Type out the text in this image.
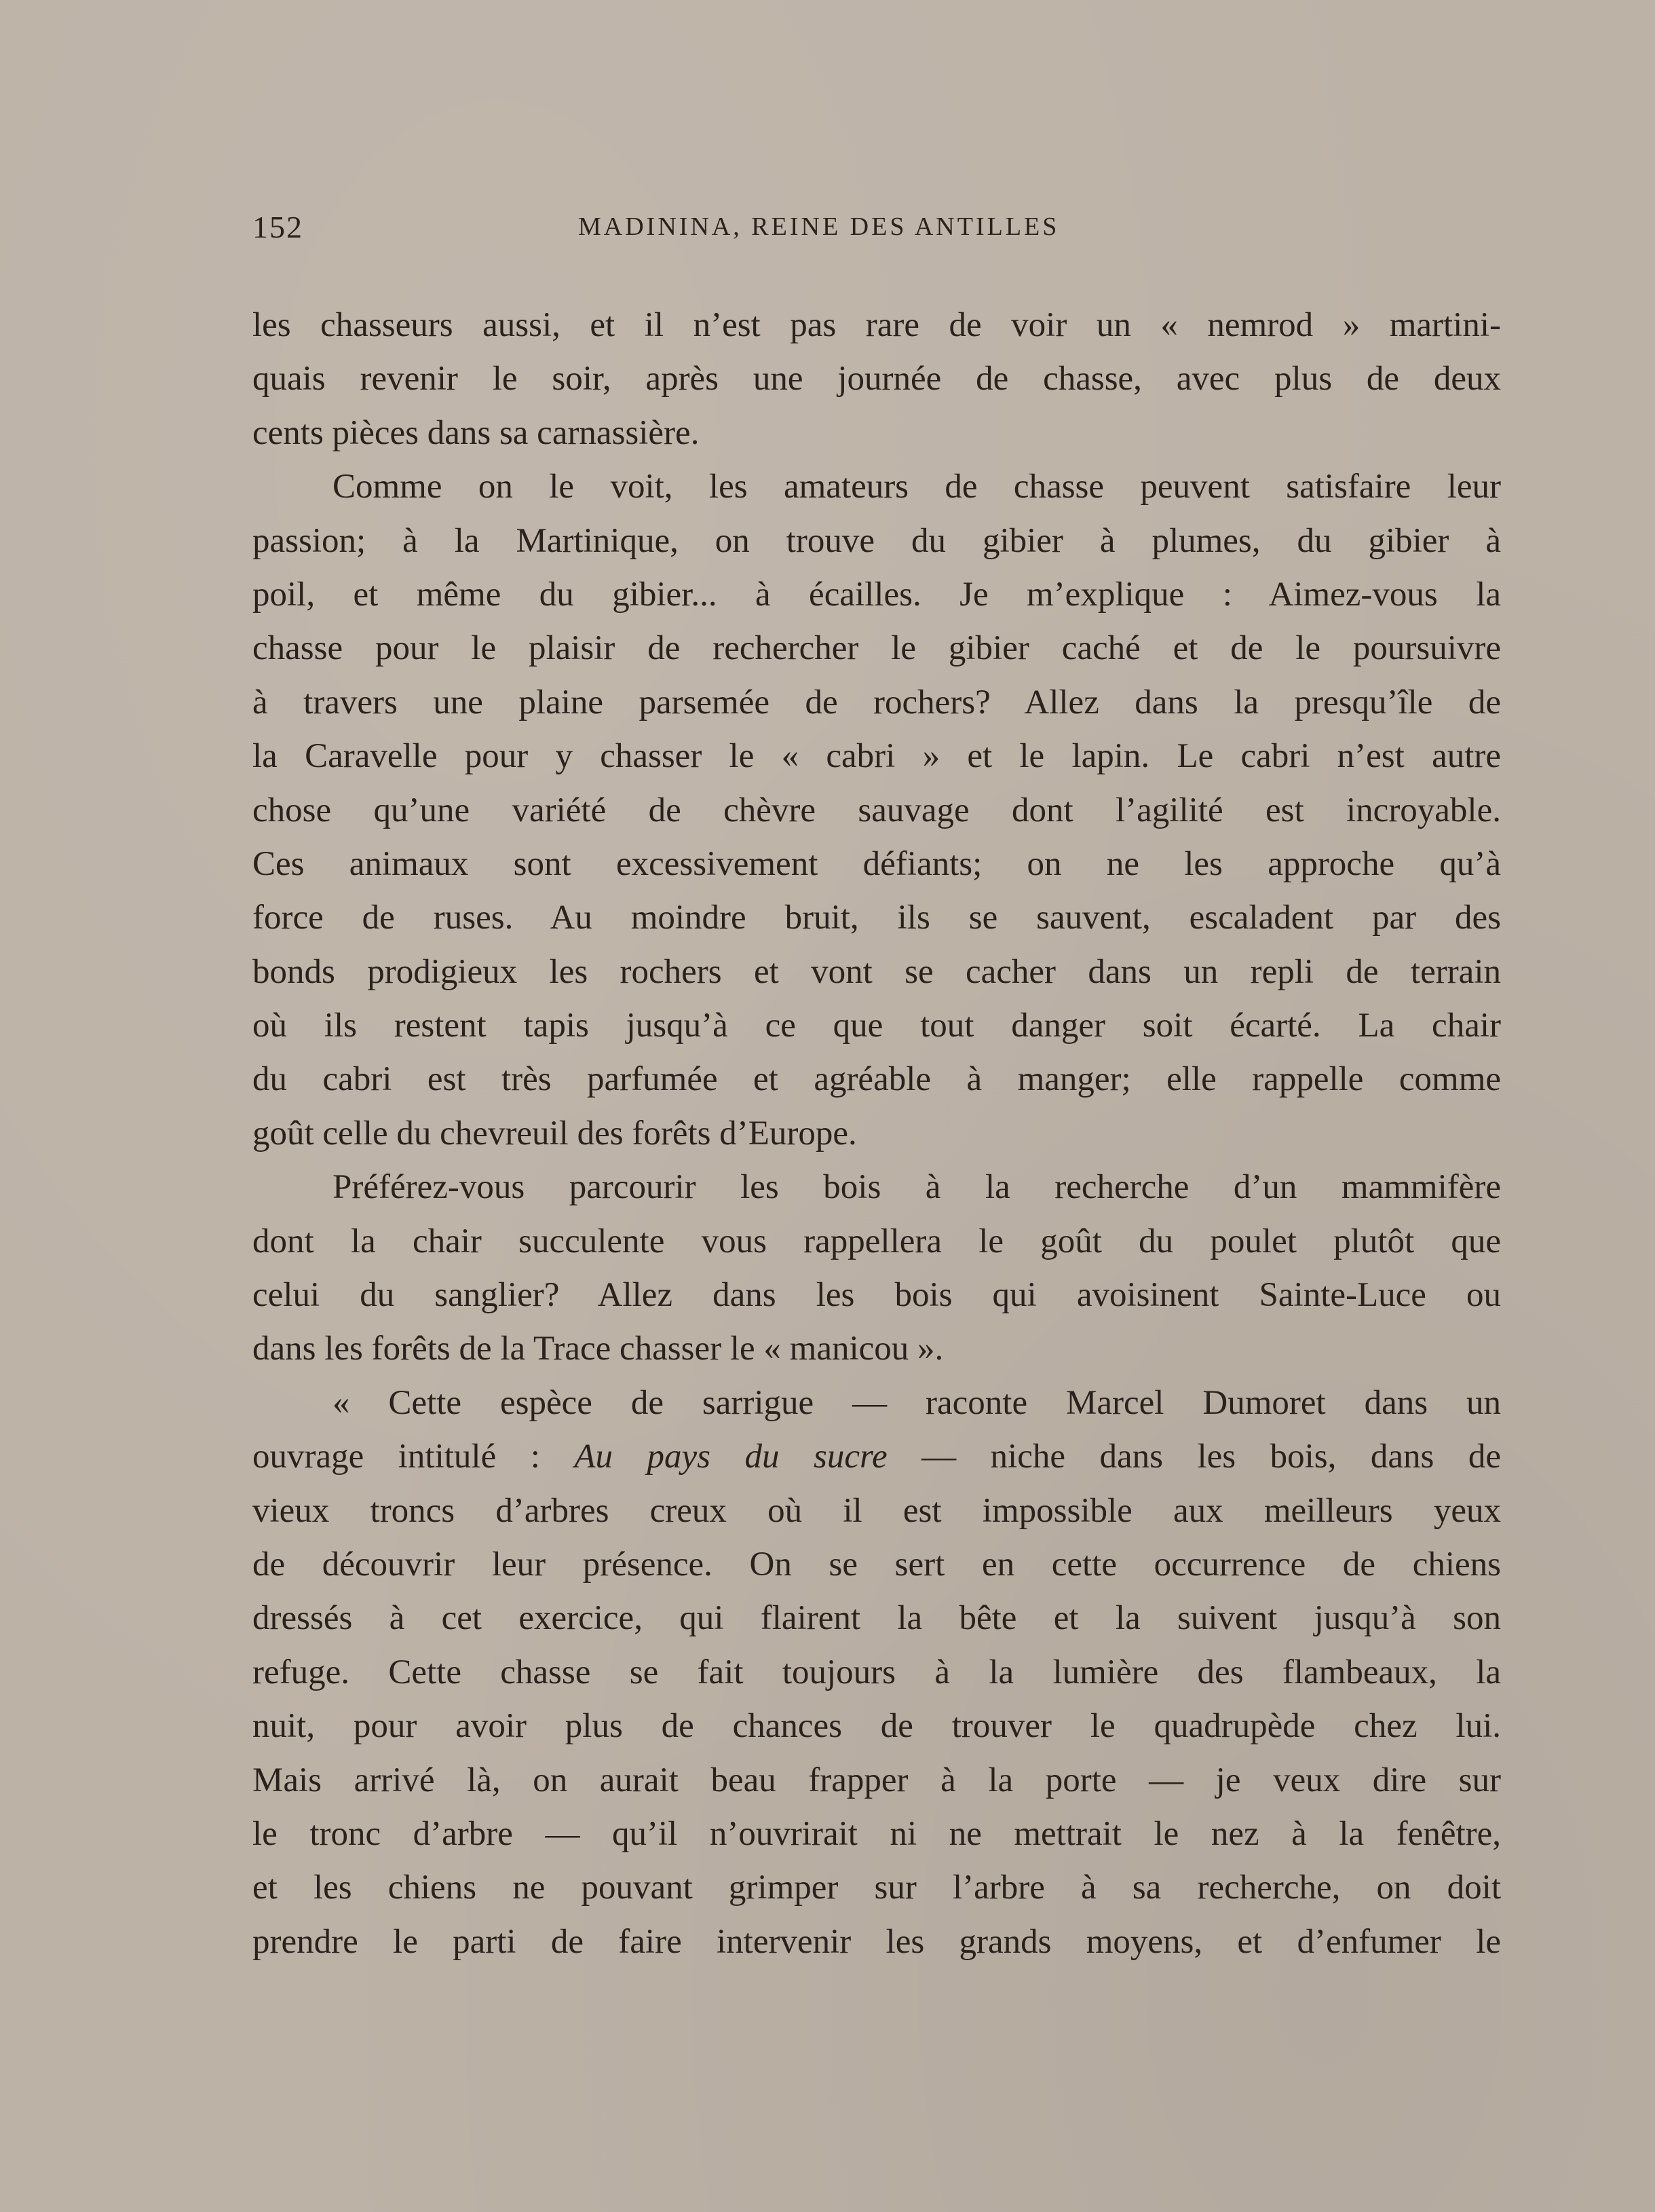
152	MADININA, REINE DES ANTILLES
les chasseurs aussi, et il n’est pas rare de voir un « nemrod » martini-
quais revenir le soir, après une journée de chasse, avec plus de deux
cents pièces dans sa carnassière.
Comme on le voit, les amateurs de chasse peuvent satisfaire leur
passion; à la Martinique, on trouve du gibier à plumes, du gibier à
poil, et même du gibier... à écailles. Je m’explique : Aimez-vous la
chasse pour le plaisir de rechercher le gibier caché et de le poursuivre
à travers une plaine parsemée de rochers? Allez dans la presqu’île de
la Caravelle pour y chasser le « cabri » et le lapin. Le cabri n’est autre
chose qu’une variété de chèvre sauvage dont l’agilité est incroyable.
Ces animaux sont excessivement défiants; on ne les approche qu’à
force de ruses. Au moindre bruit, ils se sauvent, escaladent par des
bonds prodigieux les rochers et vont se cacher dans un repli de terrain
où ils restent tapis jusqu’à ce que tout danger soit écarté. La chair
du cabri est très parfumée et agréable à manger; elle rappelle comme
goût celle du chevreuil des forêts d’Europe.
Préférez-vous parcourir les bois à la recherche d’un mammifère
dont la chair succulente vous rappellera le goût du poulet plutôt que
celui du sanglier? Allez dans les bois qui avoisinent Sainte-Luce ou
dans les forêts de la Trace chasser le « manicou ».
« Cette espèce de sarrigue — raconte Marcel Dumoret dans un
ouvrage intitulé : Au pays du sucre — niche dans les bois, dans de
vieux troncs d’arbres creux où il est impossible aux meilleurs yeux
de découvrir leur présence. On se sert en cette occurrence de chiens
dressés à cet exercice, qui flairent la bête et la suivent jusqu’à son
refuge. Cette chasse se fait toujours à la lumière des flambeaux, la
nuit, pour avoir plus de chances de trouver le quadrupède chez lui.
Mais arrivé là, on aurait beau frapper à la porte — je veux dire sur
le tronc d’arbre — qu’il n’ouvrirait ni ne mettrait le nez à la fenêtre,
et les chiens ne pouvant grimper sur l’arbre à sa recherche, on doit
prendre le parti de faire intervenir les grands moyens, et d’enfumer le
